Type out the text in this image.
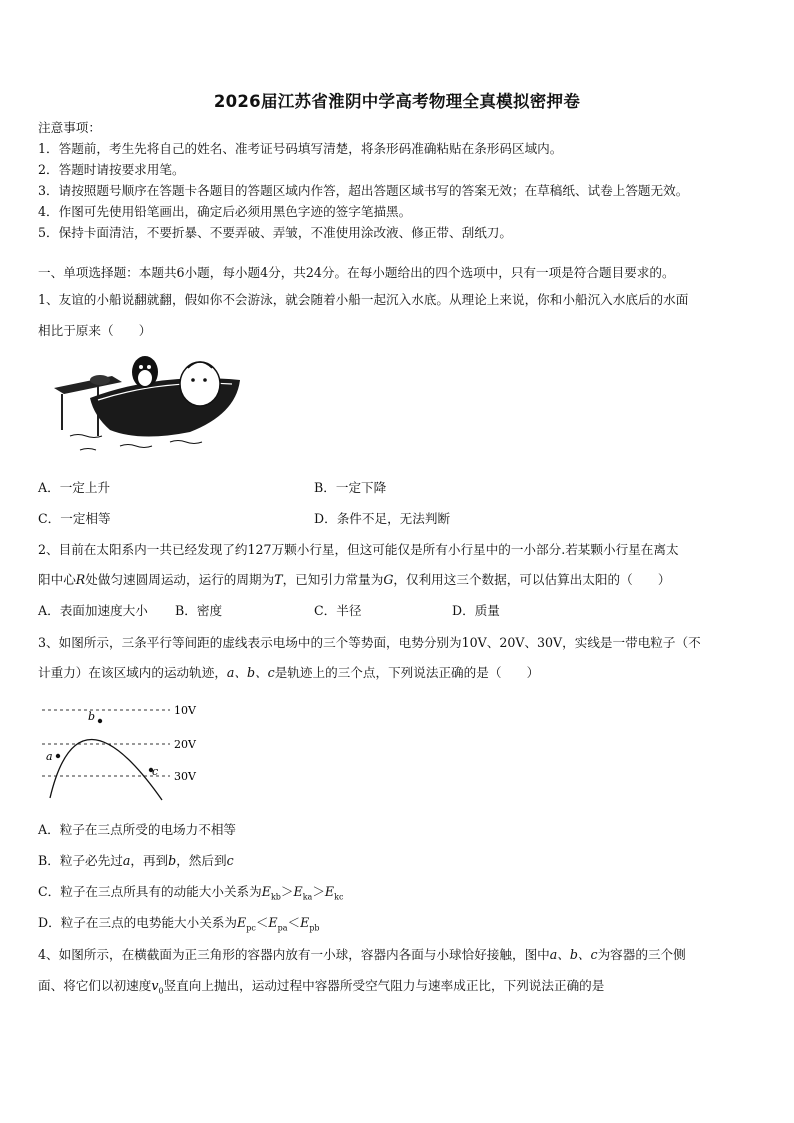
2026届江苏省淮阴中学高考物理全真模拟密押卷
注意事项：
1．答题前，考生先将自己的姓名、准考证号码填写清楚，将条形码准确粘贴在条形码区域内。
2．答题时请按要求用笔。
3．请按照题号顺序在答题卡各题目的答题区域内作答，超出答题区域书写的答案无效；在草稿纸、试卷上答题无效。
4．作图可先使用铅笔画出，确定后必须用黑色字迹的签字笔描黑。
5．保持卡面清洁，不要折暴、不要弄破、弄皱，不准使用涂改液、修正带、刮纸刀。
一、单项选择题：本题共6小题，每小题4分，共24分。在每小题给出的四个选项中，只有一项是符合题目要求的。
1、友谊的小船说翻就翻，假如你不会游泳，就会随着小船一起沉入水底。从理论上来说，你和小船沉入水底后的水面
相比于原来（　　）
A．一定上升	B．一定下降
C．一定相等	D．条件不足，无法判断
2、目前在太阳系内一共已经发现了约127万颗小行星，但这可能仅是所有小行星中的一小部分.若某颗小行星在离太
阳中心R处做匀速圆周运动，运行的周期为T，已知引力常量为G，仅利用这三个数据，可以估算出太阳的（　　）
A．表面加速度大小 B．密度	C．半径	D．质量
3、如图所示，三条平行等间距的虚线表示电场中的三个等势面，电势分别为10V、20V、30V，实线是一带电粒子（不
计重力）在该区域内的运动轨迹，a、b、c是轨迹上的三个点，下列说法正确的是（　　）
10V
20V
30V
a
b
c
A．粒子在三点所受的电场力不相等
B．粒子必先过a，再到b，然后到c
C．粒子在三点所具有的动能大小关系为$E_{kb}>E_{ka}>E_{kc}$
D．粒子在三点的电势能大小关系为$E_{pc}<E_{pa}<E_{pb}$
4、如图所示，在横截面为正三角形的容器内放有一小球，容器内各面与小球恰好接触，图中a、b、c为容器的三个侧
面、将它们以初速度$v_0$竖直向上抛出，运动过程中容器所受空气阻力与速率成正比，下列说法正确的是
